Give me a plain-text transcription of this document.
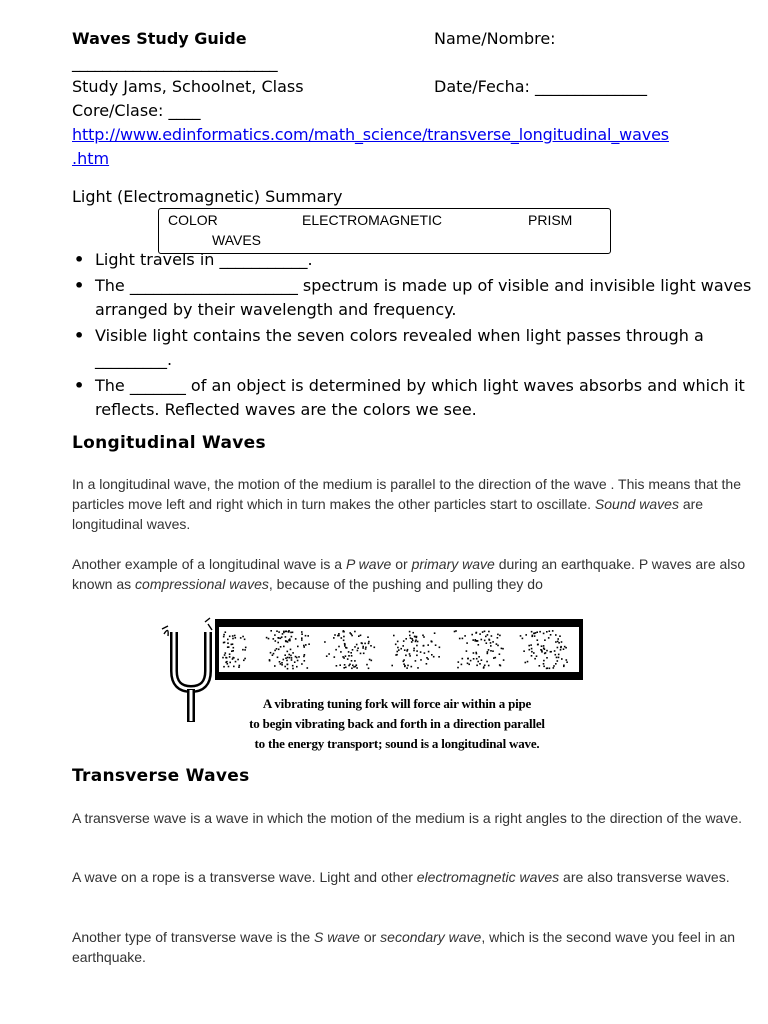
Waves Study Guide	Name/Nombre:
___________________________
Study Jams, Schoolnet, Class	Date/Fecha: ______________
Core/Clase: ____
http://www.edinformatics.com/math_science/transverse_longitudinal_waves
.htm
Light (Electromagnetic) Summary
COLOR	ELECTROMAGNETIC	PRISM
WAVES
• Light travels in ___________.
• The _____________________ spectrum is made up of visible and invisible light waves arranged by their wavelength and frequency.
• Visible light contains the seven colors revealed when light passes through a _________.
• The _______ of an object is determined by which light waves absorbs and which it reflects. Reflected waves are the colors we see.
Longitudinal Waves

In a longitudinal wave, the motion of the medium is parallel to the direction of the wave . This means that the particles move left and right which in turn makes the other particles start to oscillate. Sound waves are longitudinal waves.

Another example of a longitudinal wave is a P wave or primary wave during an earthquake. P waves are also known as compressional waves, because of the pushing and pulling they do

A vibrating tuning fork will force air within a pipe
to begin vibrating back and forth in a direction parallel
to the energy transport; sound is a longitudinal wave.
Transverse Waves

A transverse wave is a wave in which the motion of the medium is a right angles to the direction of the wave.

A wave on a rope is a transverse wave. Light and other electromagnetic waves are also transverse waves.

Another type of transverse wave is the S wave or secondary wave, which is the second wave you feel in an earthquake.
